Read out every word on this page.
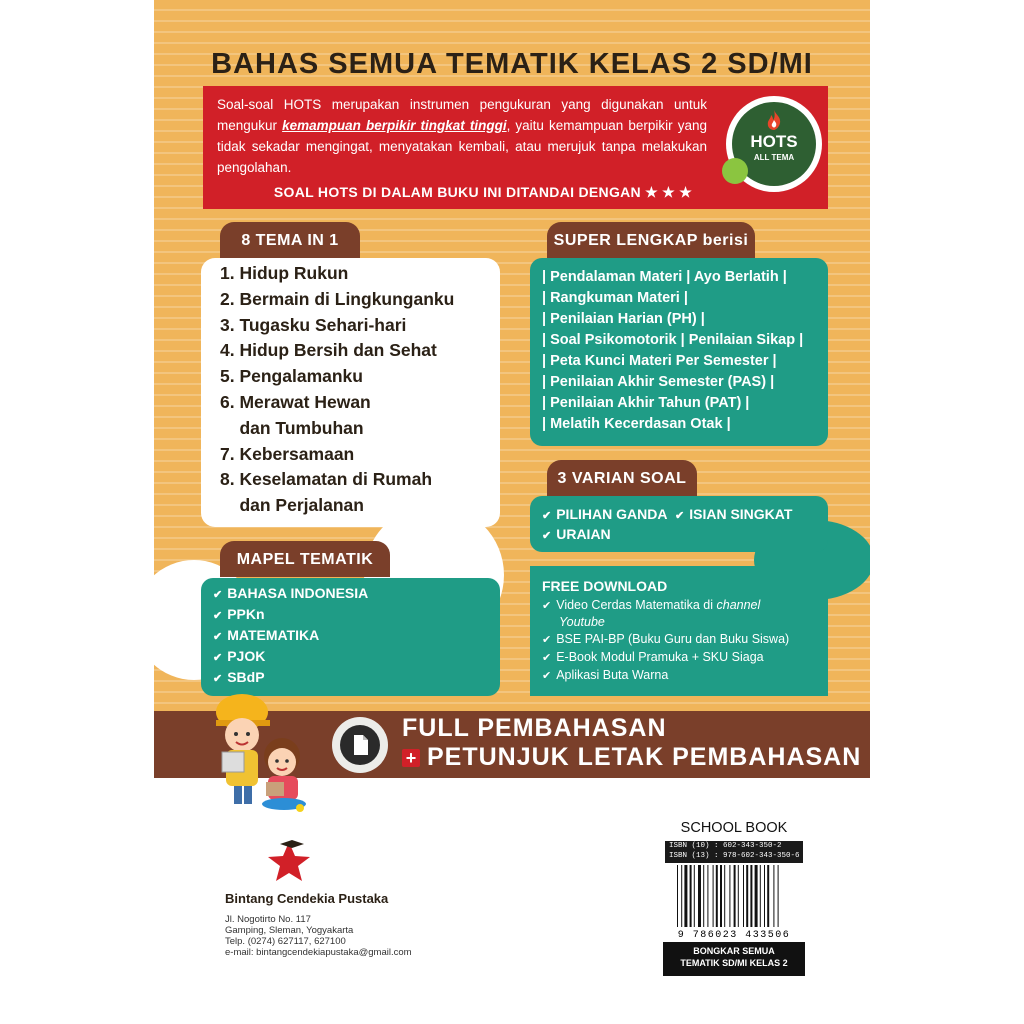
BAHAS SEMUA TEMATIK KELAS 2 SD/MI
Soal-soal HOTS merupakan instrumen pengukuran yang digunakan untuk mengukur kemampuan berpikir tingkat tinggi, yaitu kemampuan berpikir yang tidak sekadar mengingat, menyatakan kembali, atau merujuk tanpa melakukan pengolahan.
SOAL HOTS DI DALAM BUKU INI DITANDAI DENGAN ★ ★ ★
HOTS
ALL TEMA
8 TEMA IN 1
1. Hidup Rukun
2. Bermain di Lingkunganku
3. Tugasku Sehari-hari
4. Hidup Bersih dan Sehat
5. Pengalamanku
6. Merawat Hewan
dan Tumbuhan
7. Kebersamaan
8. Keselamatan di Rumah
dan Perjalanan
SUPER LENGKAP berisi
| Pendalaman Materi | Ayo Berlatih |
| Rangkuman Materi |
| Penilaian Harian (PH) |
| Soal Psikomotorik | Penilaian Sikap |
| Peta Kunci Materi Per Semester |
| Penilaian Akhir Semester (PAS) |
| Penilaian Akhir Tahun (PAT) |
| Melatih Kecerdasan Otak |
3 VARIAN SOAL
✔ PILIHAN GANDA ✔ ISIAN SINGKAT
✔ URAIAN
MAPEL TEMATIK
✔ BAHASA INDONESIA
✔ PPKn
✔ MATEMATIKA
✔ PJOK
✔ SBdP
FREE DOWNLOAD
✔ Video Cerdas Matematika di channel
Youtube
✔ BSE PAI-BP (Buku Guru dan Buku Siswa)
✔ E-Book Modul Pramuka + SKU Siaga
✔ Aplikasi Buta Warna
FULL PEMBAHASAN
+ PETUNJUK LETAK PEMBAHASAN
Bintang Cendekia Pustaka
Jl. Nogotirto No. 117
Gamping, Sleman, Yogyakarta
Telp. (0274) 627117, 627100
e-mail: bintangcendekiapustaka@gmail.com
SCHOOL BOOK
ISBN (10) : 602-343-350-2
ISBN (13) : 978-602-343-350-6
9 786023 433506
BONGKAR SEMUA
TEMATIK SD/MI KELAS 2
